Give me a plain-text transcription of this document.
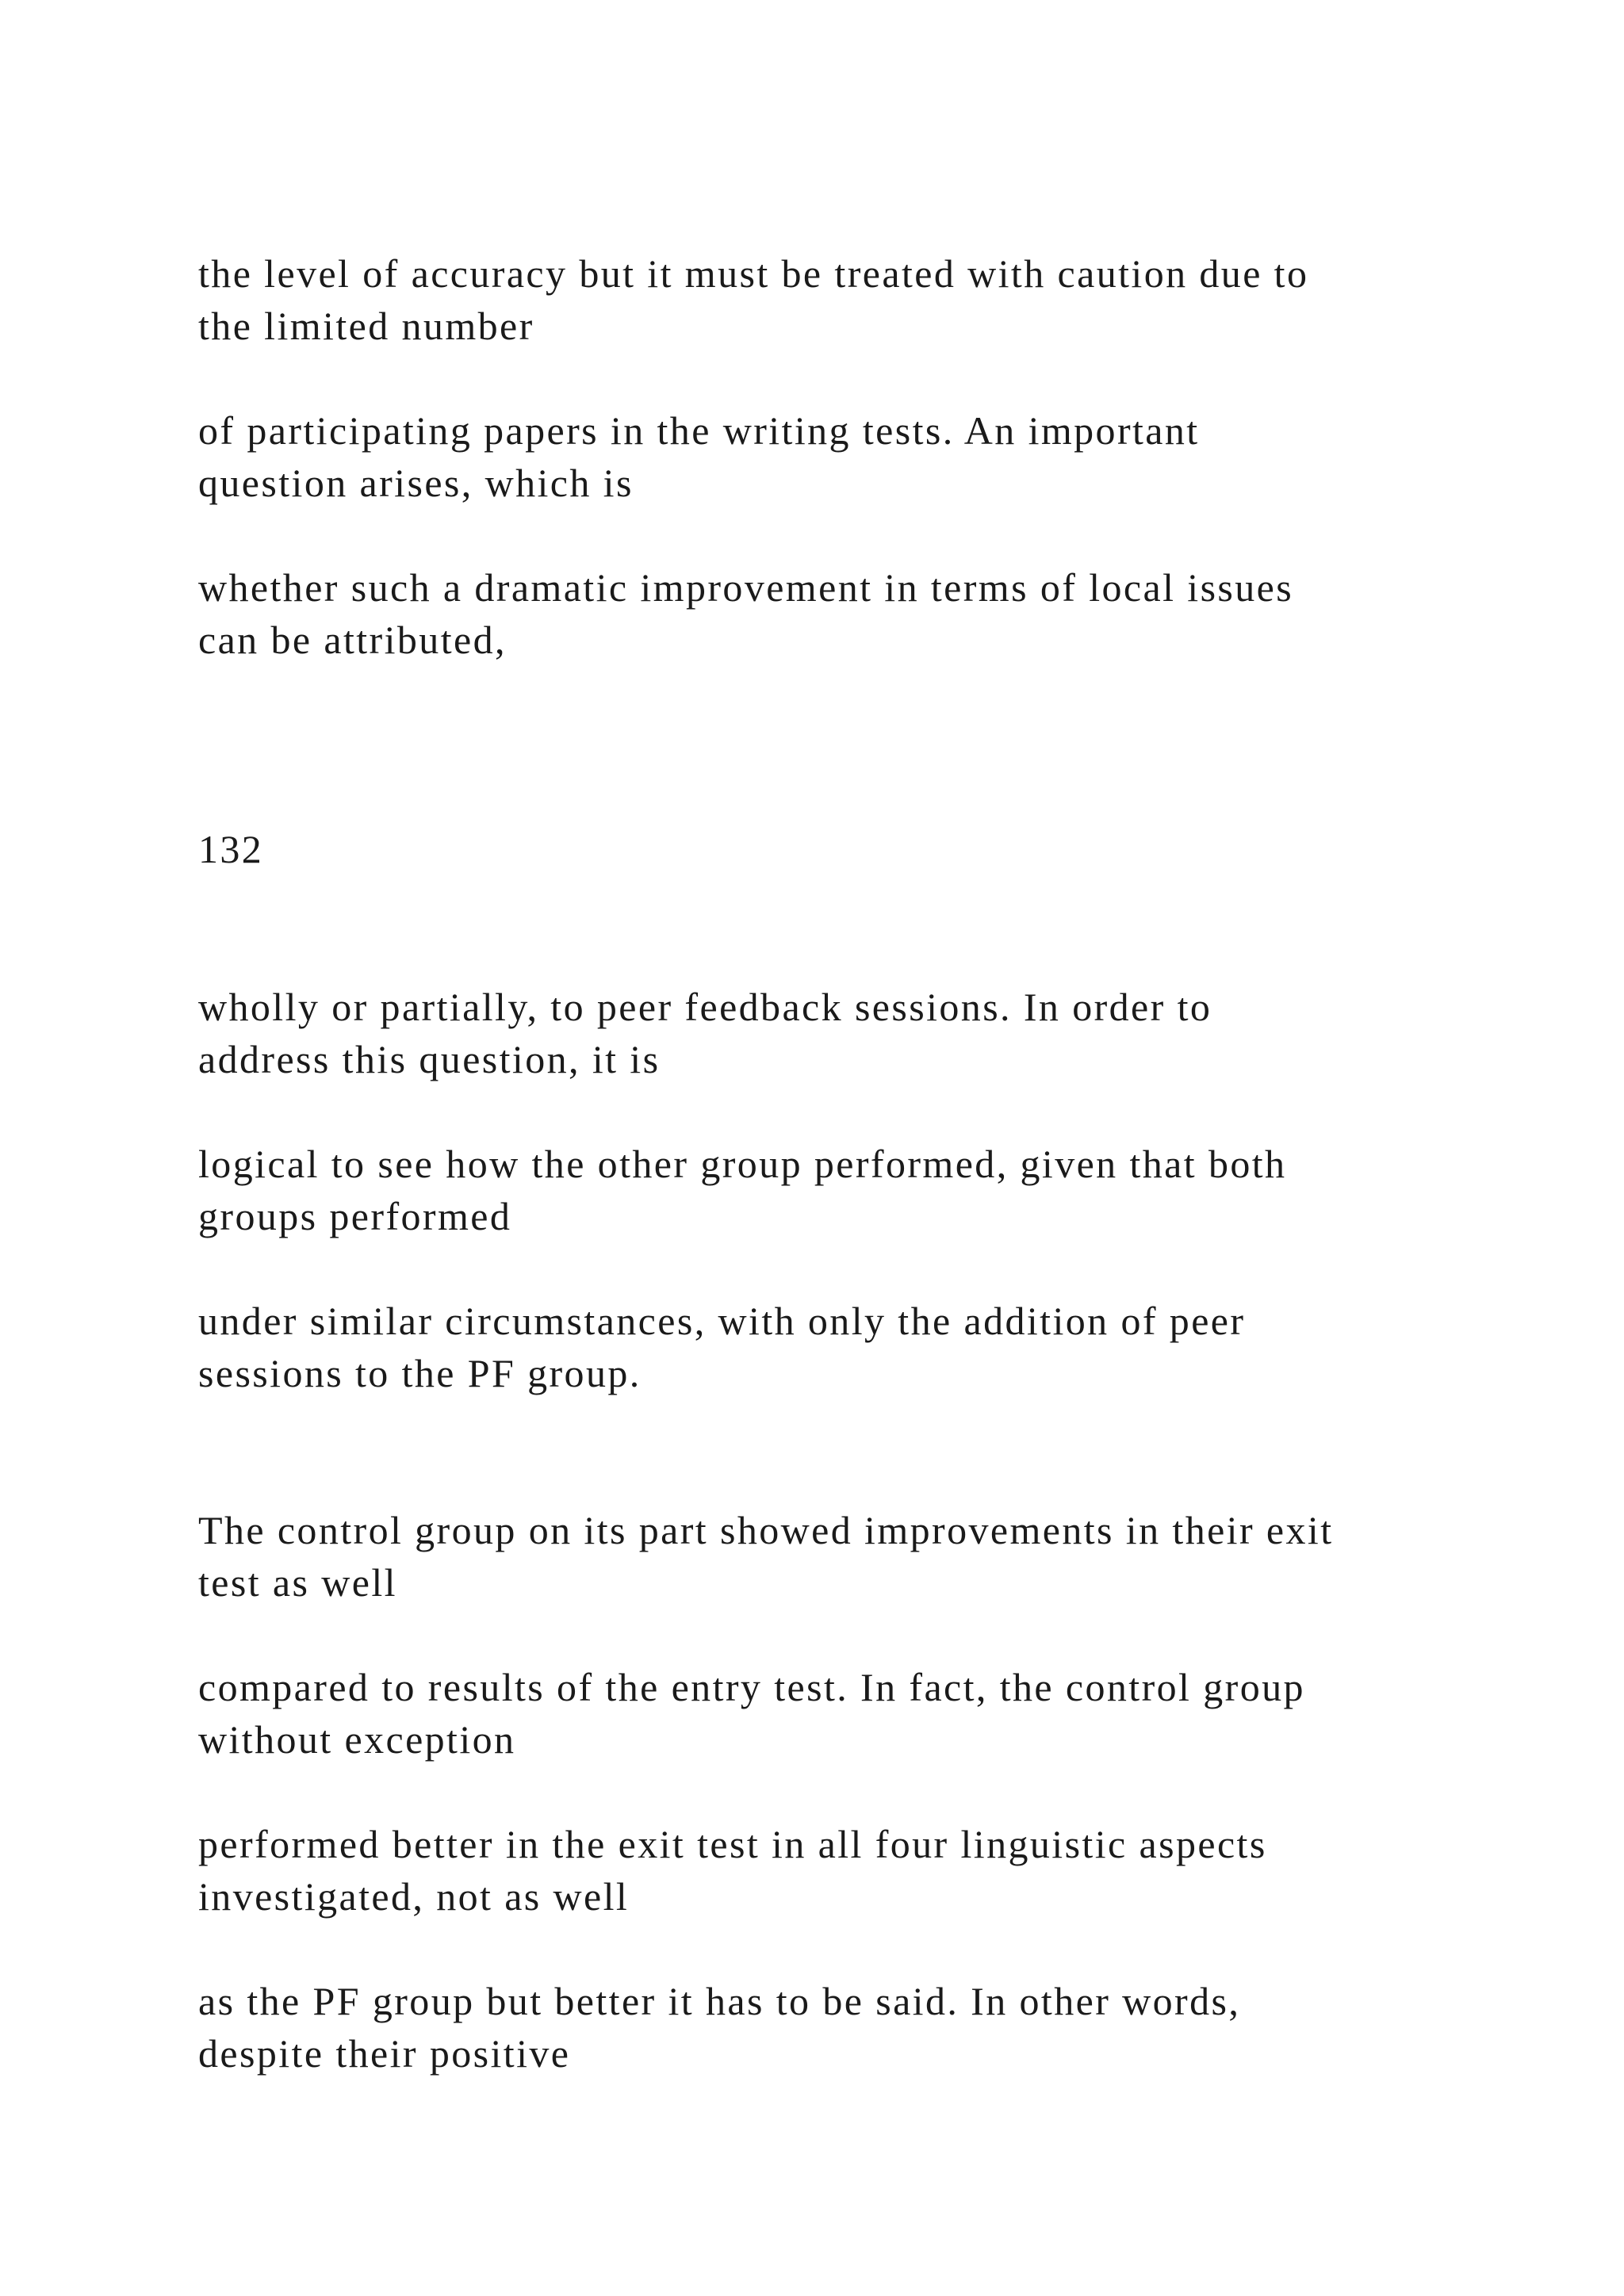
the level of accuracy but it must be treated with caution due to

the limited number

of participating papers in the writing tests. An important

question arises, which is

whether such a dramatic improvement in terms of local issues

can be attributed,

132

wholly or partially, to peer feedback sessions. In order to

address this question, it is

logical to see how the other group performed, given that both

groups performed

under similar circumstances, with only the addition of peer

sessions to the PF group.

The control group on its part showed improvements in their exit

test as well

compared to results of the entry test. In fact, the control group

without exception

performed better in the exit test in all four linguistic aspects

investigated, not as well

as the PF group but better it has to be said. In other words,

despite their positive
